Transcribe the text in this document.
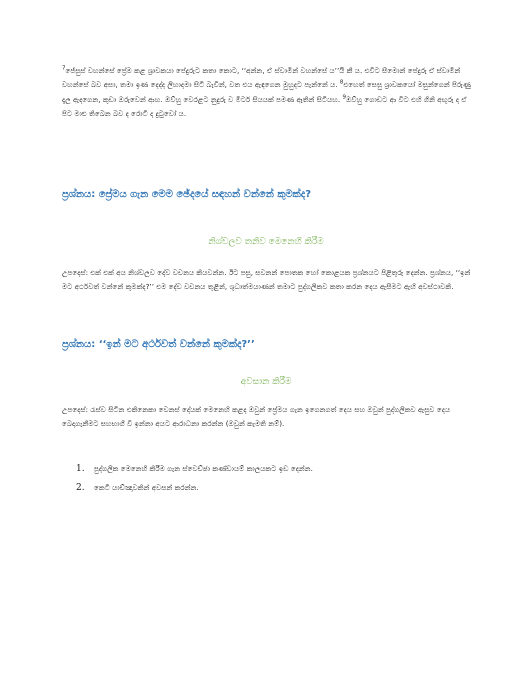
$^7$ජේසුස් වහන්සේ ප්‍රේම කළ ශ්‍රාවකයා පේදුරුට කතා කොට, ‘‘අන්න, ඒ ස්වාමීන් වහන්සේ ය’’යි කී ය. එවිට සීමොන් පේදුරු ඒ ස්වාමීන් වහන්සේ බව අසා, තමා ඉණ දෙද්ද ලිහාදමා සිටි බැවින්, වත එය ඇඳගෙන මුහුදට පැන්නේ ය. $^8$එහෙත් සෙසු ශ්‍රාවකයෝ මසුන්ගෙන් පිරුණු දැල ඇදගෙන, කුඩා ඔරුවෙන් ආහ. ඔව්හු වෙරළට නුදුරු ව මීටර් සියයක් පමණ ඈතින් සිටියහ. $^9$ඔව්හු ගොඩට ආ විට එහි ගිනි අඟුරු ද ඒ පිට මාළු තිබෙන බව ද රොටි ද දුටුවෝ ය.

ප්‍රශ්නය: ප්‍රේමය ගැන මෙම ඡේදයේ සඳහන් වන්නේ කුමක්ද?

නිශ්චලව තනිව මෙනෙහි කිරීම

උපදෙස්: එක් එක් අය නිශ්චලව දේව වචනය කියවන්න. ඊට පසු, සවනන් පොතක හෝ කොළයක ප්‍රශ්නයට පිළිතුරු දෙන්න. ප්‍රශ්නය, ‘‘ඉන් මට අර්ථවත් වන්නේ කුමක්ද?’’ එම දේව වචනය තුළින්, ශුධාත්මයාණන් තමාට පුද්ගලිකව කතා කරන දෙය ඇසීමට ඇහි අවස්ථාවකි.

ප්‍රශ්නය: ‘‘ඉන් මට අර්ථවත් වන්නේ කුමක්ද?’’

අවසාන කිරීම

උපදෙස්: රැස්ව සිටින එකිනෙකා වෙනස් දේයක් මෙනෙහි කළද ඔවුන් ප්‍රේමය ගැන ඉගෙනගත් දෙය සහ ඔවුන් පුද්ගලිකව ඇසුව දෙය බෙදාගැනීමට සහභාගී වී ඉන්නා අයට ආරාධනා කරන්න (ඔවුන් කැමති නම්).

1. පුද්ගලික මෙනෙහි කිරීම ගැන ස්වෙච්ඡා කණ්ඩායම් කාලයකට ඉඩ දෙන්න.
2. කෙටි යාච්ඤාවකින් අවසන් කරන්න.
